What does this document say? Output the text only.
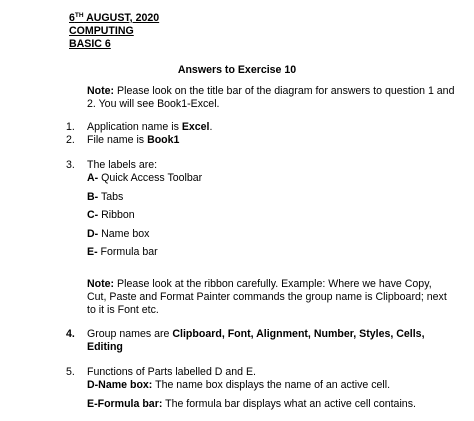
6TH AUGUST, 2020
COMPUTING
BASIC 6
Answers to Exercise 10
Note: Please look on the title bar of the diagram for answers to question 1 and
2. You will see Book1-Excel.
1. Application name is Excel.
2. File name is Book1
3. The labels are:
A- Quick Access Toolbar
B- Tabs
C- Ribbon
D- Name box
E- Formula bar
Note: Please look at the ribbon carefully. Example: Where we have Copy,
Cut, Paste and Format Painter commands the group name is Clipboard; next
to it is Font etc.
4. Group names are Clipboard, Font, Alignment, Number, Styles, Cells,
Editing
5. Functions of Parts labelled D and E.
D-Name box: The name box displays the name of an active cell.
E-Formula bar: The formula bar displays what an active cell contains.
